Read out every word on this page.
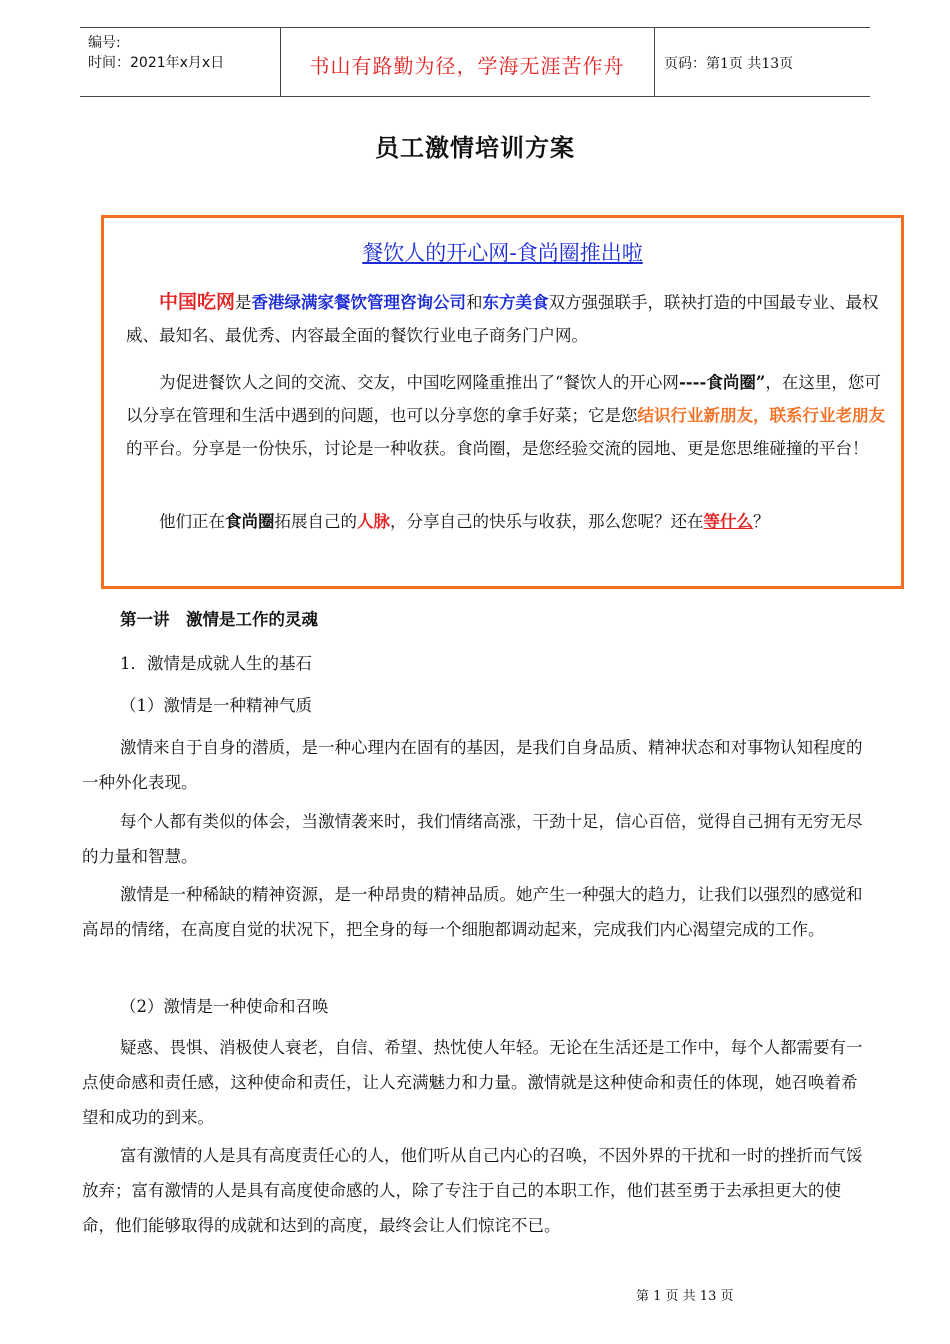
编号:
时间：2021年x月x日	书山有路勤为径，学海无涯苦作舟	页码：第1页 共13页
员工激情培训方案
餐饮人的开心网-食尚圈推出啦

中国吃网是香港绿满家餐饮管理咨询公司和东方美食双方强强联手，联袂打造的中国最专业、最权威、最知名、最优秀、内容最全面的餐饮行业电子商务门户网。

为促进餐饮人之间的交流、交友，中国吃网隆重推出了“餐饮人的开心网----食尚圈”，在这里，您可以分享在管理和生活中遇到的问题，也可以分享您的拿手好菜；它是您结识行业新朋友，联系行业老朋友的平台。分享是一份快乐，讨论是一种收获。食尚圈，是您经验交流的园地、更是您思维碰撞的平台！

他们正在食尚圈拓展自己的人脉，分享自己的快乐与收获，那么您呢？还在等什么？

第一讲　激情是工作的灵魂
1．激情是成就人生的基石
（1）激情是一种精神气质

激情来自于自身的潜质，是一种心理内在固有的基因，是我们自身品质、精神状态和对事物认知程度的一种外化表现。

每个人都有类似的体会，当激情袭来时，我们情绪高涨，干劲十足，信心百倍，觉得自己拥有无穷无尽的力量和智慧。

激情是一种稀缺的精神资源，是一种昂贵的精神品质。她产生一种强大的趋力，让我们以强烈的感觉和高昂的情绪，在高度自觉的状况下，把全身的每一个细胞都调动起来，完成我们内心渴望完成的工作。

（2）激情是一种使命和召唤

疑惑、畏惧、消极使人衰老，自信、希望、热忱使人年轻。无论在生活还是工作中，每个人都需要有一点使命感和责任感，这种使命和责任，让人充满魅力和力量。激情就是这种使命和责任的体现，她召唤着希望和成功的到来。

富有激情的人是具有高度责任心的人，他们听从自己内心的召唤，不因外界的干扰和一时的挫折而气馁放弃；富有激情的人是具有高度使命感的人，除了专注于自己的本职工作，他们甚至勇于去承担更大的使命，他们能够取得的成就和达到的高度，最终会让人们惊诧不已。

第 1 页 共 13 页
